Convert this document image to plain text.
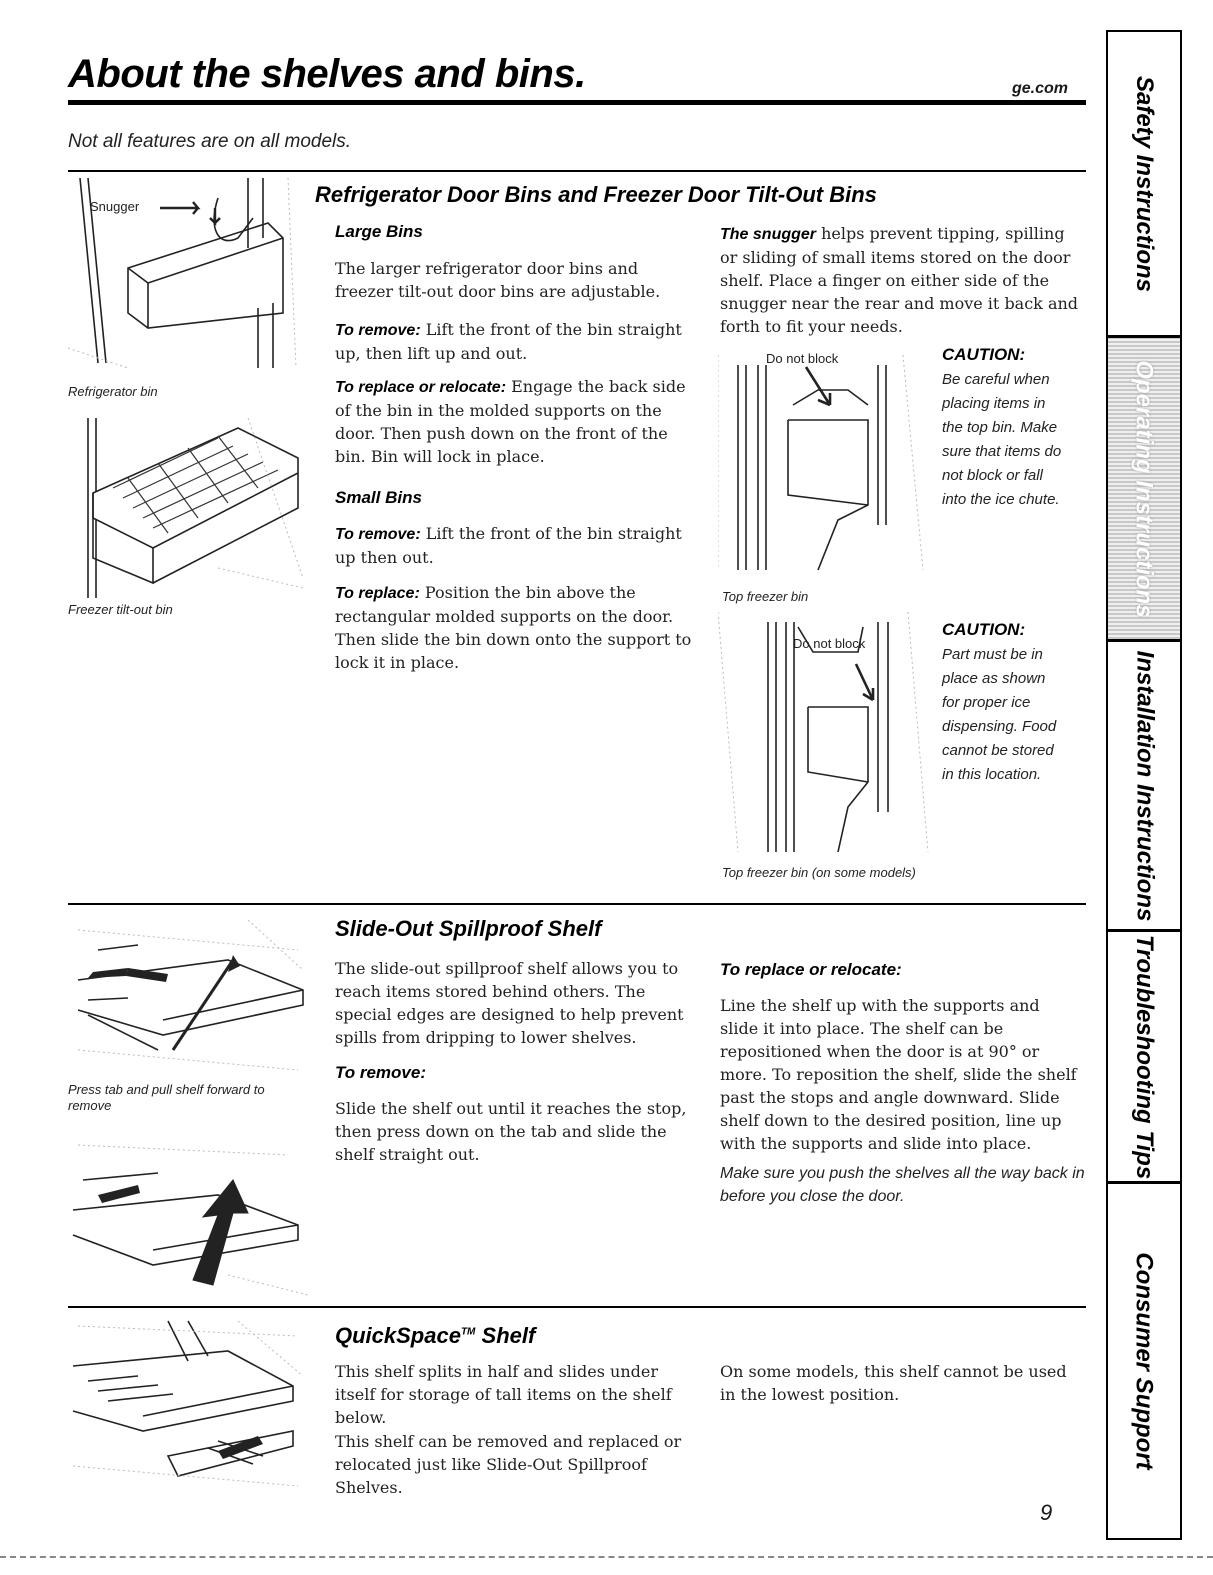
About the shelves and bins.	ge.com
Not all features are on all models.
Snugger
Refrigerator bin
Freezer tilt-out bin
Refrigerator Door Bins and Freezer Door Tilt-Out Bins
Large Bins
The larger refrigerator door bins and freezer tilt-out door bins are adjustable.
To remove: Lift the front of the bin straight up, then lift up and out.
To replace or relocate: Engage the back side of the bin in the molded supports on the door. Then push down on the front of the bin. Bin will lock in place.
Small Bins
To remove: Lift the front of the bin straight up then out.
To replace: Position the bin above the rectangular molded supports on the door. Then slide the bin down onto the support to lock it in place.
The snugger helps prevent tipping, spilling or sliding of small items stored on the door shelf. Place a finger on either side of the snugger near the rear and move it back and forth to fit your needs.
Do not block	CAUTION:
Be careful when placing items in the top bin. Make sure that items do not block or fall into the ice chute.
Top freezer bin
Do not block
CAUTION:
Part must be in place as shown for proper ice dispensing. Food cannot be stored in this location.
Top freezer bin (on some models)
Press tab and pull shelf forward to remove
Slide-Out Spillproof Shelf
The slide-out spillproof shelf allows you to reach items stored behind others. The special edges are designed to help prevent spills from dripping to lower shelves.
To remove:
Slide the shelf out until it reaches the stop, then press down on the tab and slide the shelf straight out.
To replace or relocate:
Line the shelf up with the supports and slide it into place. The shelf can be repositioned when the door is at 90° or more. To reposition the shelf, slide the shelf past the stops and angle downward. Slide shelf down to the desired position, line up with the supports and slide into place.
Make sure you push the shelves all the way back in before you close the door.
QuickSpace™ Shelf
This shelf splits in half and slides under itself for storage of tall items on the shelf below.
This shelf can be removed and replaced or relocated just like Slide-Out Spillproof Shelves.
On some models, this shelf cannot be used in the lowest position.
9
Safety Instructions
Operating Instructions
Installation Instructions
Troubleshooting Tips
Consumer Support
